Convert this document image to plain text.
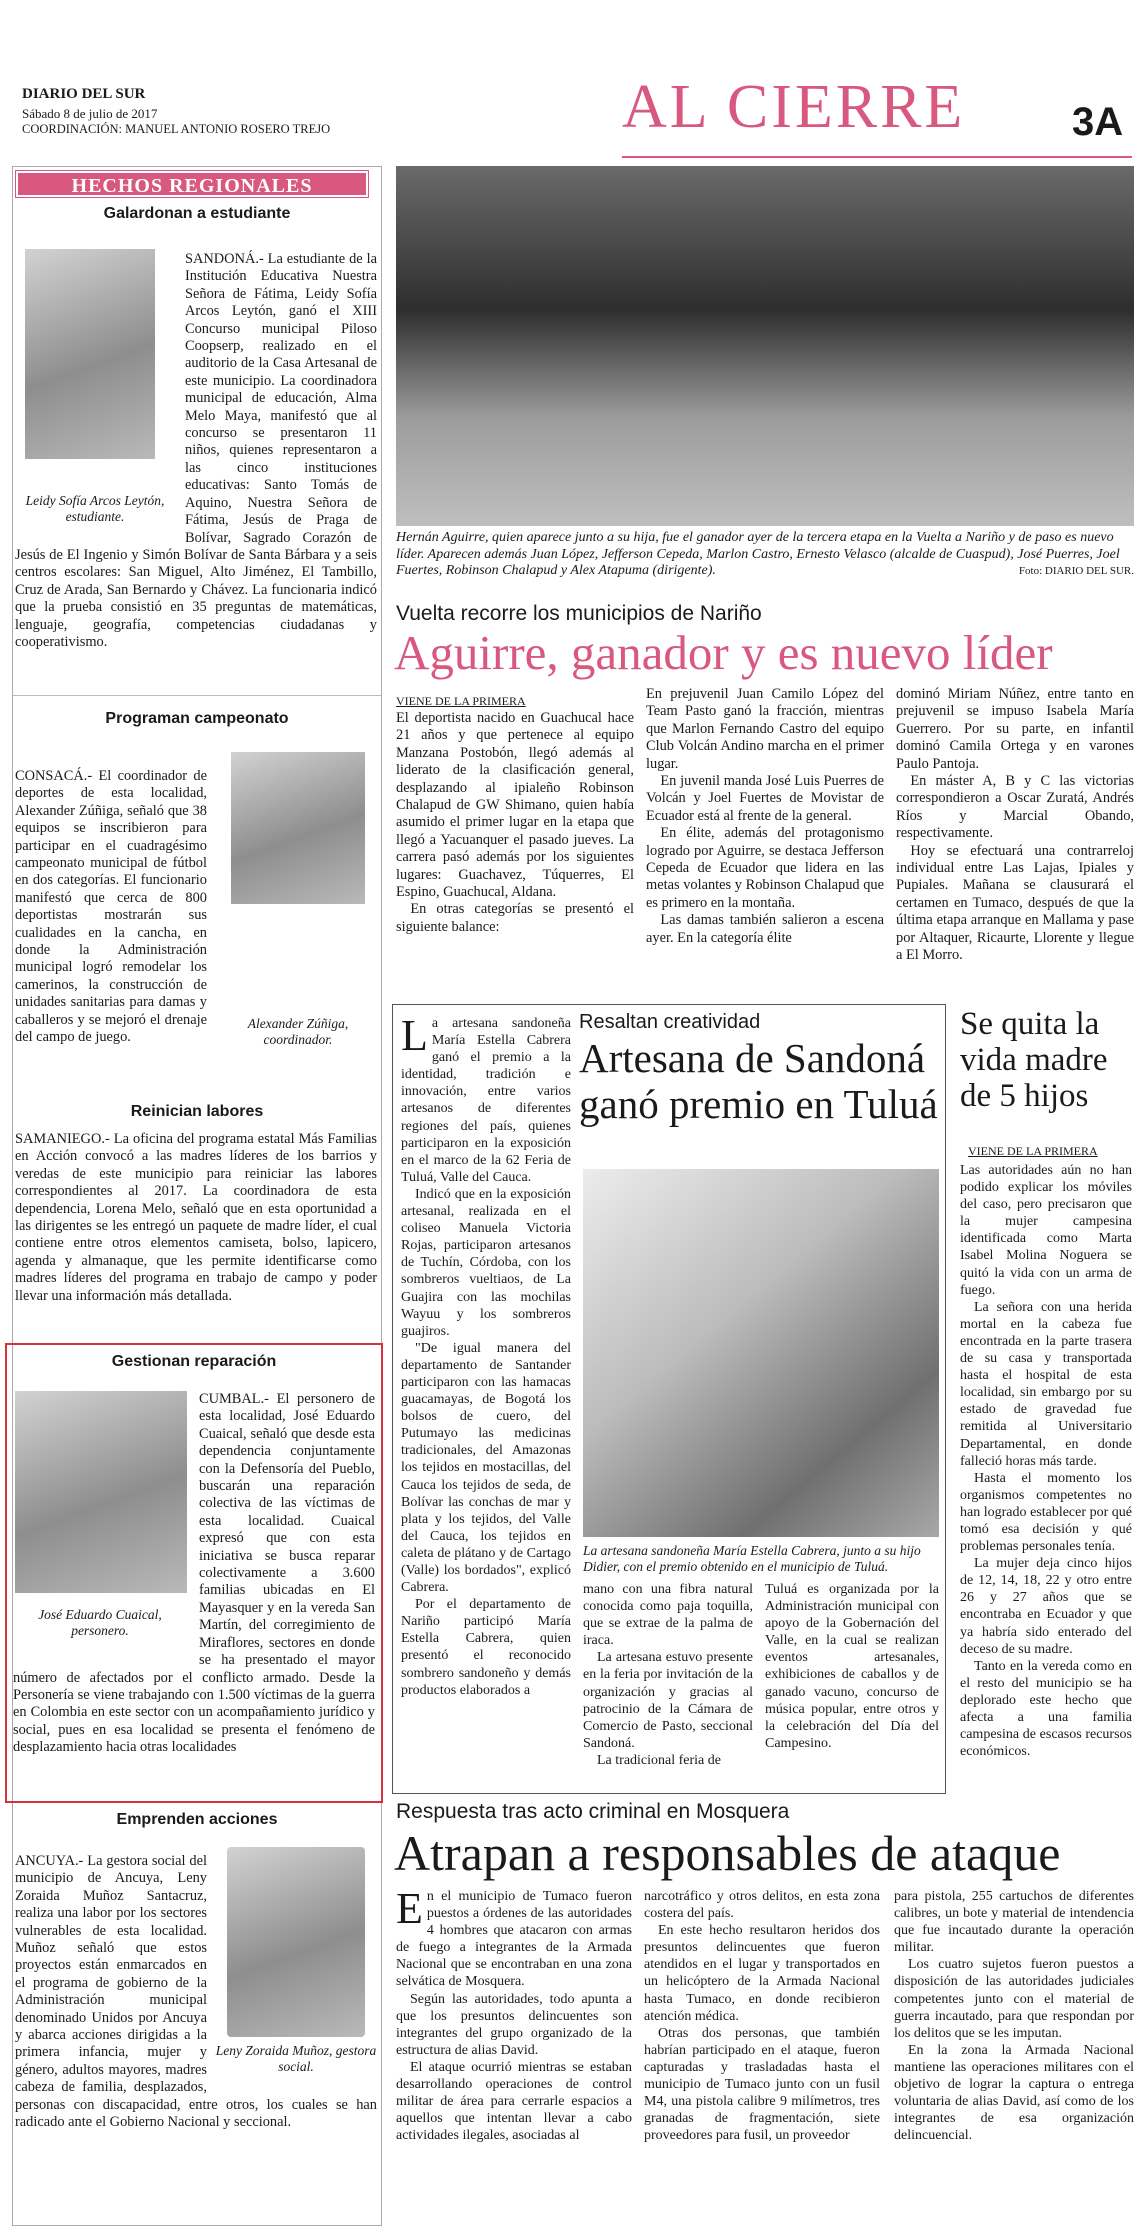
DIARIO DEL SUR
Sábado 8 de julio de 2017
COORDINACIÓN: MANUEL ANTONIO ROSERO TREJO	AL CIERRE	3A
HECHOS REGIONALES
Galardonan a estudiante
Leidy Sofía Arcos Leytón, estudiante.
SANDONÁ.- La estudiante de la Institución Educativa Nuestra Señora de Fátima, Leidy Sofía Arcos Leytón, ganó el XIII Concurso municipal Piloso Coopserp, realizado en el auditorio de la Casa Artesanal de este municipio. La coordinadora municipal de educación, Alma Melo Maya, manifestó que al concurso se presentaron 11 niños, quienes representaron a las cinco instituciones educativas: Santo Tomás de Aquino, Nuestra Señora de Fátima, Jesús de Praga de Bolívar, Sagrado Corazón de Jesús de El Ingenio y Simón Bolívar de Santa Bárbara y a seis centros escolares: San Miguel, Alto Jiménez, El Tambillo, Cruz de Arada, San Bernardo y Chávez. La funcionaria indicó que la prueba consistió en 35 preguntas de matemáticas, lenguaje, geografía, competencias ciudadanas y cooperativismo.
Programan campeonato
Alexander Zúñiga, coordinador.
CONSACÁ.- El coordinador de deportes de esta localidad, Alexander Zúñiga, señaló que 38 equipos se inscribieron para participar en el cuadragésimo campeonato municipal de fútbol en dos categorías. El funcionario manifestó que cerca de 800 deportistas mostrarán sus cualidades en la cancha, en donde la Administración municipal logró remodelar los camerinos, la construcción de unidades sanitarias para damas y caballeros y se mejoró el drenaje del campo de juego.
Reinician labores
SAMANIEGO.- La oficina del programa estatal Más Familias en Acción convocó a las madres líderes de los barrios y veredas de este municipio para reiniciar las labores correspondientes al 2017. La coordinadora de esta dependencia, Lorena Melo, señaló que en esta oportunidad a las dirigentes se les entregó un paquete de madre líder, el cual contiene entre otros elementos camiseta, bolso, lapicero, agenda y almanaque, que les permite identificarse como madres líderes del programa en trabajo de campo y poder llevar una información más detallada.
Gestionan reparación
José Eduardo Cuaical, personero.
CUMBAL.- El personero de esta localidad, José Eduardo Cuaical, señaló que desde esta dependencia conjuntamente con la Defensoría del Pueblo, buscarán una reparación colectiva de las víctimas de esta localidad. Cuaical expresó que con esta iniciativa se busca reparar colectivamente a 3.600 familias ubicadas en El Mayasquer y en la vereda San Martín, del corregimiento de Miraflores, sectores en donde se ha presentado el mayor número de afectados por el conflicto armado. Desde la Personería se viene trabajando con 1.500 víctimas de la guerra en Colombia en este sector con un acompañamiento jurídico y social, pues en esa localidad se presenta el fenómeno de desplazamiento hacia otras localidades
Emprenden acciones
Leny Zoraida Muñoz, gestora social.
ANCUYA.- La gestora social del municipio de Ancuya, Leny Zoraida Muñoz Santacruz, realiza una labor por los sectores vulnerables de esta localidad. Muñoz señaló que estos proyectos están enmarcados en el programa de gobierno de la Administración municipal denominado Unidos por Ancuya y abarca acciones dirigidas a la primera infancia, mujer y género, adultos mayores, madres cabeza de familia, desplazados, personas con discapacidad, entre otros, los cuales se han radicado ante el Gobierno Nacional y seccional.
Hernán Aguirre, quien aparece junto a su hija, fue el ganador ayer de la tercera etapa en la Vuelta a Nariño y de paso es nuevo líder. Aparecen además Juan López, Jefferson Cepeda, Marlon Castro, Ernesto Velasco (alcalde de Cuaspud), José Puerres, Joel Fuertes, Robinson Chalapud y Alex Atapuma (dirigente).	Foto: DIARIO DEL SUR.
Vuelta recorre los municipios de Nariño
Aguirre, ganador y es nuevo líder
VIENE DE LA PRIMERA
El deportista nacido en Guachucal hace 21 años y que pertenece al equipo Manzana Postobón, llegó además al liderato de la clasificación general, desplazando al ipialeño Robinson Chalapud de GW Shimano, quien había asumido el primer lugar en la etapa que llegó a Yacuanquer el pasado jueves. La carrera pasó además por los siguientes lugares: Guachavez, Túquerres, El Espino, Guachucal, Aldana.
 En otras categorías se presentó el siguiente balance:
En prejuvenil Juan Camilo López del Team Pasto ganó la fracción, mientras que Marlon Fernando Castro del equipo Club Volcán Andino marcha en el primer lugar.
 En juvenil manda José Luis Puerres de Volcán y Joel Fuertes de Movistar de Ecuador está al frente de la general.
 En élite, además del protagonismo logrado por Aguirre, se destaca Jefferson Cepeda de Ecuador que lidera en las metas volantes y Robinson Chalapud que es primero en la montaña.
 Las damas también salieron a escena ayer. En la categoría élite
dominó Miriam Núñez, entre tanto en prejuvenil se impuso Isabela María Guerrero. Por su parte, en infantil dominó Camila Ortega y en varones Paulo Pantoja.
 En máster A, B y C las victorias correspondieron a Oscar Zuratá, Andrés Ríos y Marcial Obando, respectivamente.
 Hoy se efectuará una contrarreloj individual entre Las Lajas, Ipiales y Pupiales. Mañana se clausurará el certamen en Tumaco, después de que la última etapa arranque en Mallama y pase por Altaquer, Ricaurte, Llorente y llegue a El Morro.
Resaltan creatividad
Artesana de Sandoná ganó premio en Tuluá
La artesana sandoneña María Estella Cabrera ganó el premio a la identidad, tradición e innovación, entre varios artesanos de diferentes regiones del país, quienes participaron en la exposición en el marco de la 62 Feria de Tuluá, Valle del Cauca.
 Indicó que en la exposición artesanal, realizada en el coliseo Manuela Victoria Rojas, participaron artesanos de Tuchín, Córdoba, con los sombreros vueltiaos, de La Guajira con las mochilas Wayuu y los sombreros guajiros.
 "De igual manera del departamento de Santander participaron con las hamacas guacamayas, de Bogotá los bolsos de cuero, del Putumayo las medicinas tradicionales, del Amazonas los tejidos en mostacillas, del Cauca los tejidos de seda, de Bolívar las conchas de mar y plata y los tejidos, del Valle del Cauca, los tejidos en caleta de plátano y de Cartago (Valle) los bordados", explicó Cabrera.
 Por el departamento de Nariño participó María Estella Cabrera, quien presentó el reconocido sombrero sandoneño y demás productos elaborados a
La artesana sandoneña María Estella Cabrera, junto a su hijo Didier, con el premio obtenido en el municipio de Tuluá.
mano con una fibra natural conocida como paja toquilla, que se extrae de la palma de iraca.
 La artesana estuvo presente en la feria por invitación de la organización y gracias al patrocinio de la Cámara de Comercio de Pasto, seccional Sandoná.
 La tradicional feria de
Tuluá es organizada por la Administración municipal con apoyo de la Gobernación del Valle, en la cual se realizan eventos artesanales, exhibiciones de caballos y de ganado vacuno, concurso de música popular, entre otros y la celebración del Día del Campesino.
Se quita la vida madre de 5 hijos
VIENE DE LA PRIMERA
Las autoridades aún no han podido explicar los móviles del caso, pero precisaron que la mujer campesina identificada como Marta Isabel Molina Noguera se quitó la vida con un arma de fuego.
 La señora con una herida mortal en la cabeza fue encontrada en la parte trasera de su casa y transportada hasta el hospital de esta localidad, sin embargo por su estado de gravedad fue remitida al Universitario Departamental, en donde falleció horas más tarde.
 Hasta el momento los organismos competentes no han logrado establecer por qué tomó esa decisión y qué problemas personales tenía.
 La mujer deja cinco hijos de 12, 14, 18, 22 y otro entre 26 y 27 años que se encontraba en Ecuador y que ya habría sido enterado del deceso de su madre.
 Tanto en la vereda como en el resto del municipio se ha deplorado este hecho que afecta a una familia campesina de escasos recursos económicos.
Respuesta tras acto criminal en Mosquera
Atrapan a responsables de ataque
En el municipio de Tumaco fueron puestos a órdenes de las autoridades 4 hombres que atacaron con armas de fuego a integrantes de la Armada Nacional que se encontraban en una zona selvática de Mosquera.
 Según las autoridades, todo apunta a que los presuntos delincuentes son integrantes del grupo organizado de la estructura de alias David.
 El ataque ocurrió mientras se estaban desarrollando operaciones de control militar de área para cerrarle espacios a aquellos que intentan llevar a cabo actividades ilegales, asociadas al
narcotráfico y otros delitos, en esta zona costera del país.
 En este hecho resultaron heridos dos presuntos delincuentes que fueron atendidos en el lugar y transportados en un helicóptero de la Armada Nacional hasta Tumaco, en donde recibieron atención médica.
 Otras dos personas, que también habrían participado en el ataque, fueron capturadas y trasladadas hasta el municipio de Tumaco junto con un fusil M4, una pistola calibre 9 milímetros, tres granadas de fragmentación, siete proveedores para fusil, un proveedor
para pistola, 255 cartuchos de diferentes calibres, un bote y material de intendencia que fue incautado durante la operación militar.
 Los cuatro sujetos fueron puestos a disposición de las autoridades judiciales competentes junto con el material de guerra incautado, para que respondan por los delitos que se les imputan.
 En la zona la Armada Nacional mantiene las operaciones militares con el objetivo de lograr la captura o entrega voluntaria de alias David, así como de los integrantes de esa organización delincuencial.
